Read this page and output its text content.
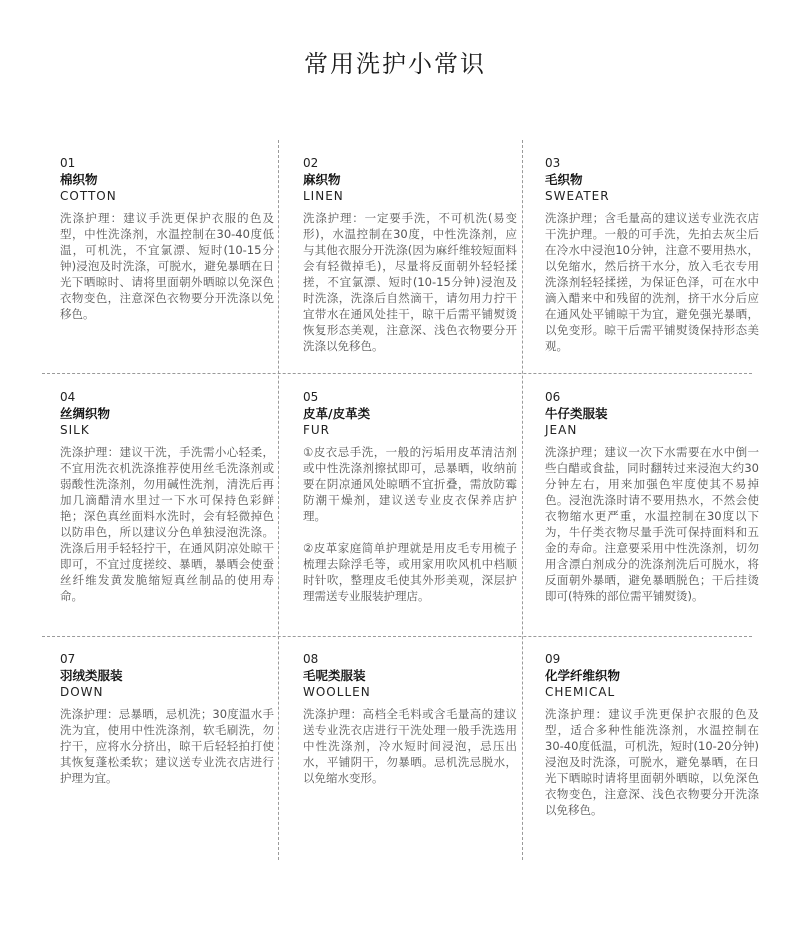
常用洗护小常识
01
棉织物
COTTON
洗涤护理：建议手洗更保护衣服的色及型，中性洗涤剂，水温控制在30-40度低温，可机洗，不宜氯漂、短时(10-15分钟)浸泡及时洗涤，可脱水，避免暴晒在日光下晒晾时、请将里面朝外晒晾以免深色衣物变色，注意深色衣物要分开洗涤以免移色。
02
麻织物
LINEN
洗涤护理：一定要手洗，不可机洗(易变形)，水温控制在30度，中性洗涤剂，应与其他衣服分开洗涤(因为麻纤维较短面料会有轻微掉毛)，尽量将反面朝外轻轻揉搓，不宜氯漂、短时(10-15分钟)浸泡及时洗涤，洗涤后自然滴干，请勿用力拧干宜带水在通风处挂干，晾干后需平铺熨烫恢复形态美观，注意深、浅色衣物要分开洗涤以免移色。
03
毛织物
SWEATER
洗涤护理；含毛量高的建议送专业洗衣店干洗护理。一般的可手洗，先拍去灰尘后在冷水中浸泡10分钟，注意不要用热水，以免缩水，然后挤干水分，放入毛衣专用洗涤剂轻轻揉搓，为保证色泽，可在水中滴入醋来中和残留的洗剂，挤干水分后应在通风处平铺晾干为宜，避免强光暴晒，以免变形。晾干后需平铺熨烫保持形态美观。
04
丝绸织物
SILK
洗涤护理：建议干洗，手洗需小心轻柔，不宜用洗衣机洗涤推荐使用丝毛洗涤剂或弱酸性洗涤剂，勿用碱性洗剂，清洗后再加几滴醋清水里过一下水可保持色彩鲜艳；深色真丝面料水洗时，会有轻微掉色以防串色，所以建议分色单独浸泡洗涤。洗涤后用手轻轻拧干，在通风阴凉处晾干即可，不宜过度搓绞、暴晒，暴晒会使蚕丝纤维发黄发脆缩短真丝制品的使用寿命。
05
皮革/皮革类
FUR
①皮衣忌手洗，一般的污垢用皮革清洁剂或中性洗涤剂擦拭即可，忌暴晒，收纳前要在阴凉通风处晾晒不宜折叠，需放防霉防潮干燥剂，建议送专业皮衣保养店护理。

②皮革家庭简单护理就是用皮毛专用梳子梳理去除浮毛等，或用家用吹风机中档顺时针吹，整理皮毛使其外形美观，深层护理需送专业服装护理店。
06
牛仔类服装
JEAN
洗涤护理；建议一次下水需要在水中倒一些白醋或食盐，同时翻转过来浸泡大约30分钟左右，用来加强色牢度使其不易掉色。浸泡洗涤时请不要用热水，不然会使衣物缩水更严重，水温控制在30度以下为，牛仔类衣物尽量手洗可保持面料和五金的寿命。注意要采用中性洗涤剂，切勿用含漂白剂成分的洗涤剂洗后可脱水，将反面朝外暴晒，避免暴晒脱色；干后挂烫即可(特殊的部位需平铺熨烫)。
07
羽绒类服装
DOWN
洗涤护理：忌暴晒，忌机洗；30度温水手洗为宜，使用中性洗涤剂，软毛刷洗，勿拧干，应将水分挤出，晾干后轻轻拍打使其恢复蓬松柔软；建议送专业洗衣店进行护理为宜。
08
毛呢类服装
WOOLLEN
洗涤护理：高档全毛料或含毛量高的建议送专业洗衣店进行干洗处理一般手洗选用中性洗涤剂，冷水短时间浸泡，忌压出水，平铺阴干，勿暴晒。忌机洗忌脱水，以免缩水变形。
09
化学纤维织物
CHEMICAL
洗涤护理：建议手洗更保护衣服的色及型，适合多种性能洗涤剂，水温控制在30-40度低温，可机洗，短时(10-20分钟)浸泡及时洗涤，可脱水，避免暴晒，在日光下晒晾时请将里面朝外晒晾，以免深色衣物变色，注意深、浅色衣物要分开洗涤以免移色。
